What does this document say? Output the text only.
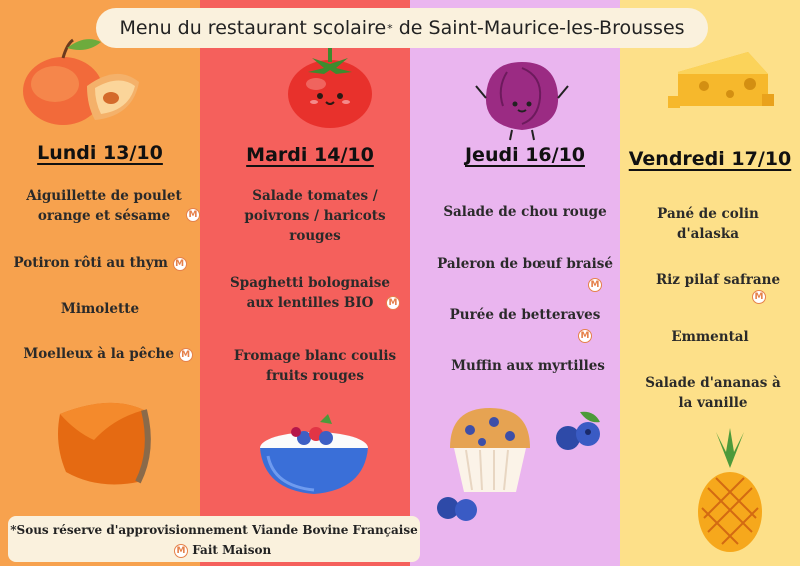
Menu du restaurant scolaire *
de Saint-Maurice-les-Brousses
Lundi 13/10	Mardi 14/10	Jeudi 16/10	Vendredi 17/10
Aiguillette de poulet orange et sésame	M
Potiron rôti au thym M
Mimolette
Moelleux à la pêche M
Salade tomates / poivrons / haricots rouges
Spaghetti bolognaise aux lentilles BIO	M
Fromage blanc coulis fruits rouges
Salade de chou rouge
Paleron de bœuf braisé
M
Purée de betteraves
M
Muffin aux myrtilles
Pané de colin d'alaska
Riz pilaf safrane
M
Emmental
Salade d'ananas à la vanille
*Sous réserve d'approvisionnement Viande Bovine Française
M Fait Maison
